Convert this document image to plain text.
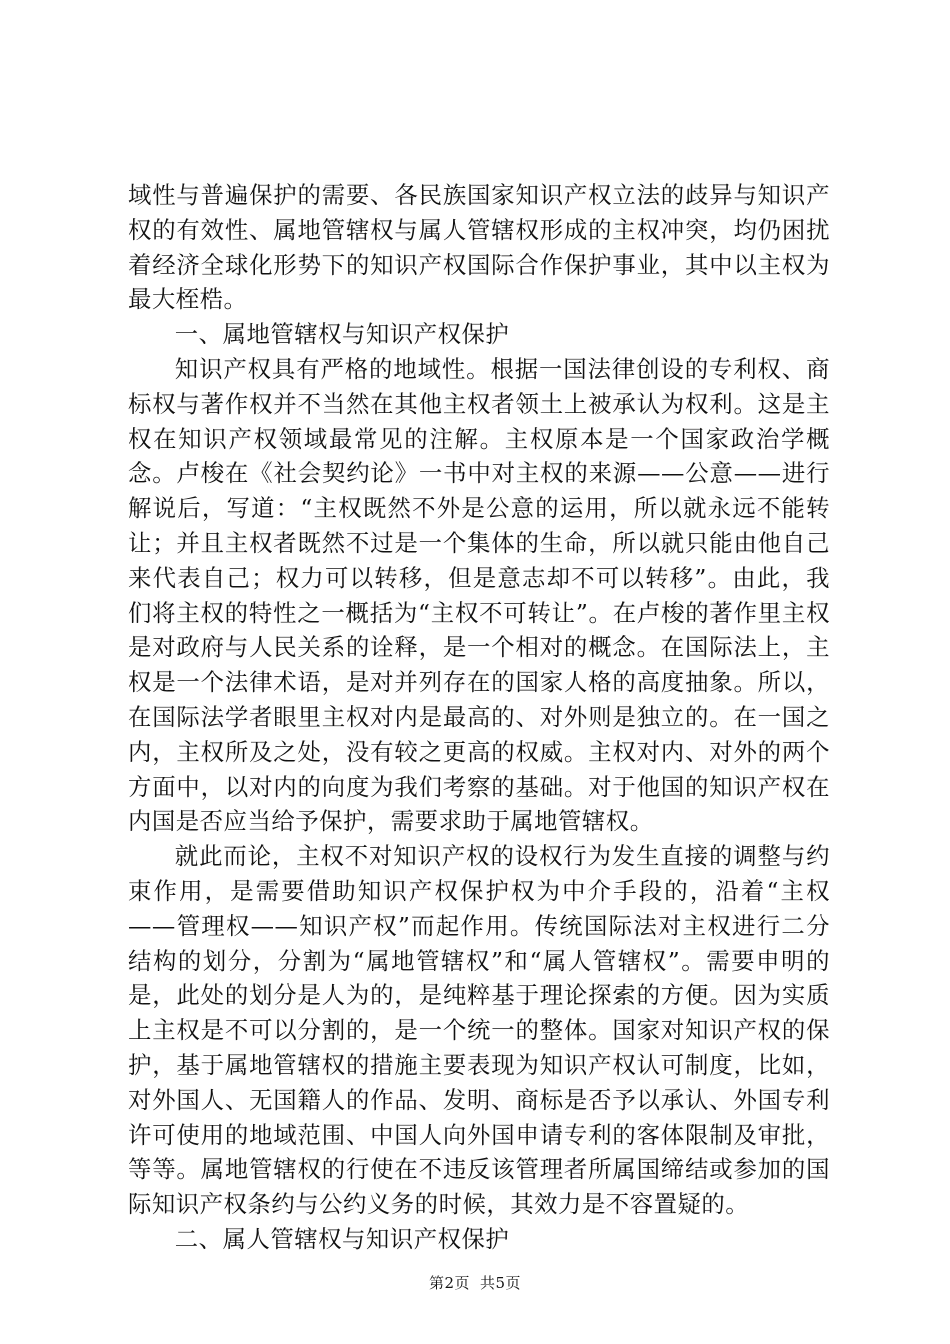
域性与普遍保护的需要、各民族国家知识产权立法的歧异与知识产权的有效性、属地管辖权与属人管辖权形成的主权冲突，均仍困扰着经济全球化形势下的知识产权国际合作保护事业，其中以主权为最大桎梏。

一、属地管辖权与知识产权保护

知识产权具有严格的地域性。根据一国法律创设的专利权、商标权与著作权并不当然在其他主权者领土上被承认为权利。这是主权在知识产权领域最常见的注解。主权原本是一个国家政治学概念。卢梭在《社会契约论》一书中对主权的来源——公意——进行解说后，写道：“主权既然不外是公意的运用，所以就永远不能转让；并且主权者既然不过是一个集体的生命，所以就只能由他自己来代表自己；权力可以转移，但是意志却不可以转移”。由此，我们将主权的特性之一概括为“主权不可转让”。在卢梭的著作里主权是对政府与人民关系的诠释，是一个相对的概念。在国际法上，主权是一个法律术语，是对并列存在的国家人格的高度抽象。所以，在国际法学者眼里主权对内是最高的、对外则是独立的。在一国之内，主权所及之处，没有较之更高的权威。主权对内、对外的两个方面中，以对内的向度为我们考察的基础。对于他国的知识产权在内国是否应当给予保护，需要求助于属地管辖权。

就此而论，主权不对知识产权的设权行为发生直接的调整与约束作用，是需要借助知识产权保护权为中介手段的，沿着“主权——管理权——知识产权”而起作用。传统国际法对主权进行二分结构的划分，分割为“属地管辖权”和“属人管辖权”。需要申明的是，此处的划分是人为的，是纯粹基于理论探索的方便。因为实质上主权是不可以分割的，是一个统一的整体。国家对知识产权的保护，基于属地管辖权的措施主要表现为知识产权认可制度，比如，对外国人、无国籍人的作品、发明、商标是否予以承认、外国专利许可使用的地域范围、中国人向外国申请专利的客体限制及审批，等等。属地管辖权的行使在不违反该管理者所属国缔结或参加的国际知识产权条约与公约义务的时候，其效力是不容置疑的。

二、属人管辖权与知识产权保护

第2页 共5页
